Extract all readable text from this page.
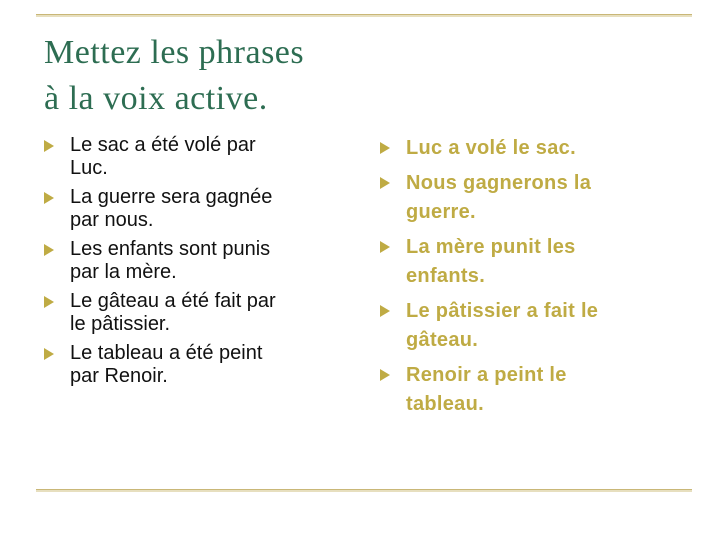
Mettez les phrases
à la voix active.
Le sac a été volé par
Luc.
La guerre sera gagnée
par nous.
Les enfants sont punis
par la mère.
Le gâteau a été fait par
le pâtissier.
Le tableau a été peint
par Renoir.
Luc a volé le sac.
Nous gagnerons la
guerre.
La mère punit les
enfants.
Le pâtissier a fait le
gâteau.
Renoir a peint le
tableau.
